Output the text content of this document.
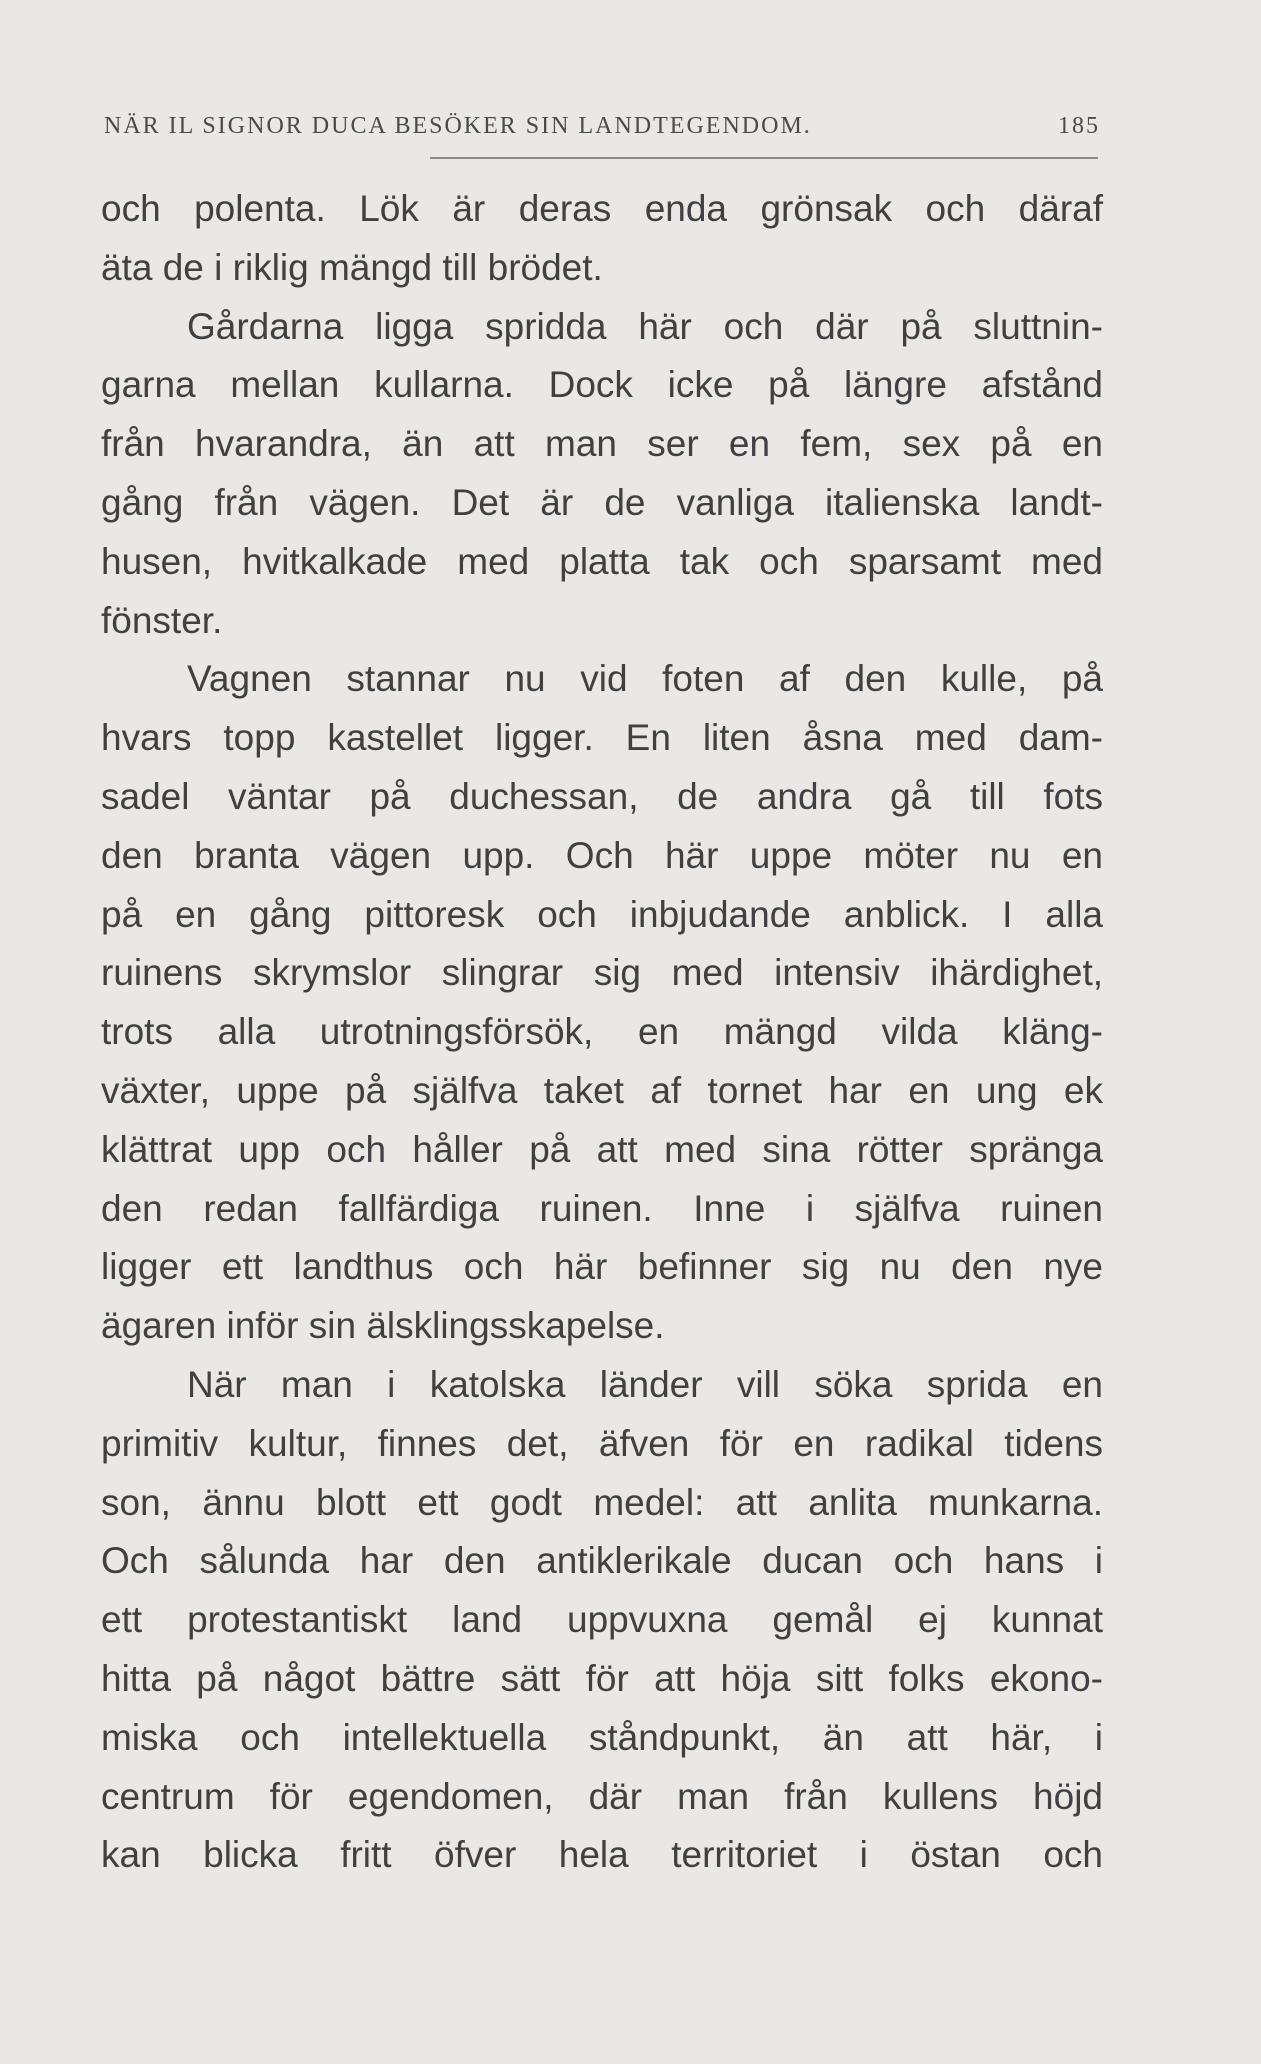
NÄR IL SIGNOR DUCA BESÖKER SIN LANDTEGENDOM.	185
och polenta. Lök är deras enda grönsak och däraf
äta de i riklig mängd till brödet.
Gårdarna ligga spridda här och där på sluttnin-
garna mellan kullarna. Dock icke på längre afstånd
från hvarandra, än att man ser en fem, sex på en
gång från vägen. Det är de vanliga italienska landt-
husen, hvitkalkade med platta tak och sparsamt med
fönster.
Vagnen stannar nu vid foten af den kulle, på
hvars topp kastellet ligger. En liten åsna med dam-
sadel väntar på duchessan, de andra gå till fots
den branta vägen upp. Och här uppe möter nu en
på en gång pittoresk och inbjudande anblick. I alla
ruinens skrymslor slingrar sig med intensiv ihärdighet,
trots alla utrotningsförsök, en mängd vilda kläng-
växter, uppe på själfva taket af tornet har en ung ek
klättrat upp och håller på att med sina rötter spränga
den redan fallfärdiga ruinen. Inne i själfva ruinen
ligger ett landthus och här befinner sig nu den nye
ägaren inför sin älsklingsskapelse.
När man i katolska länder vill söka sprida en
primitiv kultur, finnes det, äfven för en radikal tidens
son, ännu blott ett godt medel: att anlita munkarna.
Och sålunda har den antiklerikale ducan och hans i
ett protestantiskt land uppvuxna gemål ej kunnat
hitta på något bättre sätt för att höja sitt folks ekono-
miska och intellektuella ståndpunkt, än att här, i
centrum för egendomen, där man från kullens höjd
kan blicka fritt öfver hela territoriet i östan och
